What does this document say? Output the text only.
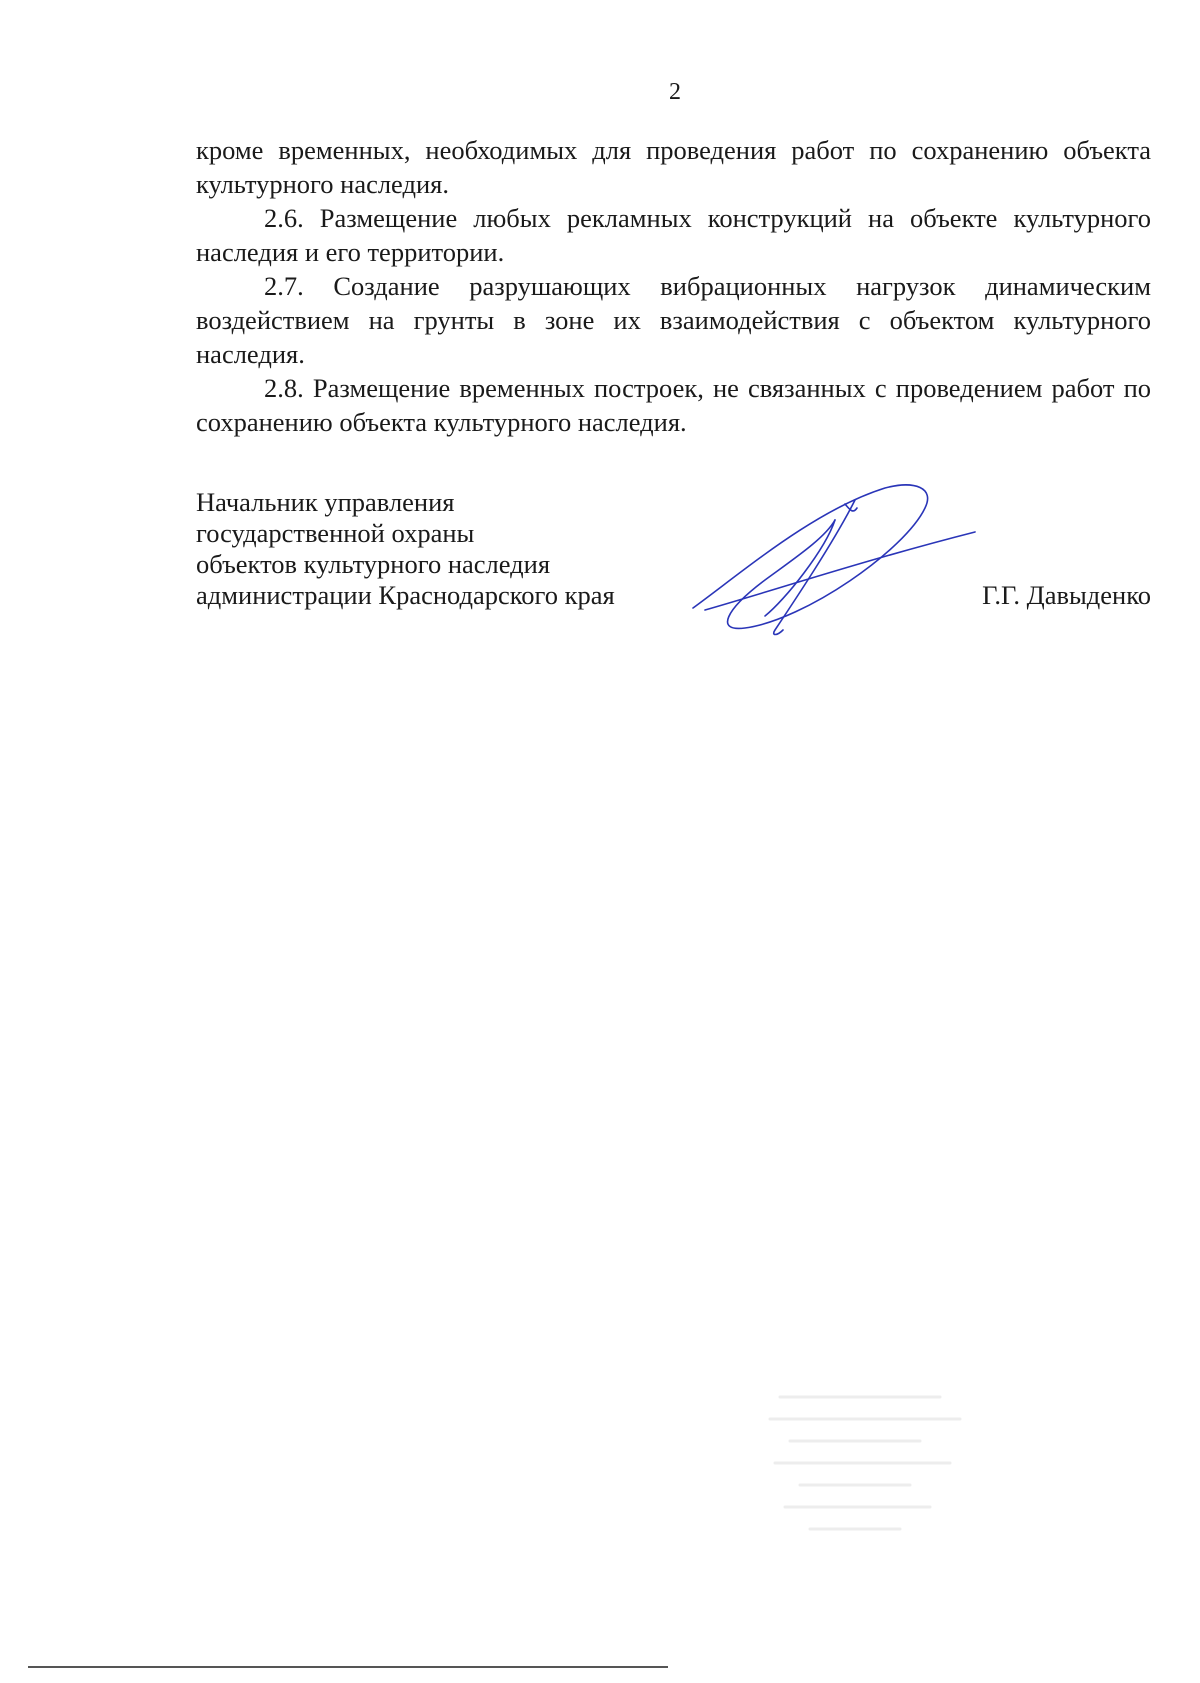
2

кроме временных, необходимых для проведения работ по сохранению объекта культурного наследия.

2.6. Размещение любых рекламных конструкций на объекте культурного наследия и его территории.

2.7. Создание разрушающих вибрационных нагрузок динамическим воздействием на грунты в зоне их взаимодействия с объектом культурного наследия.

2.8. Размещение временных построек, не связанных с проведением работ по сохранению объекта культурного наследия.

Начальник управления
государственной охраны
объектов культурного наследия
администрации Краснодарского края	Г.Г. Давыденко
